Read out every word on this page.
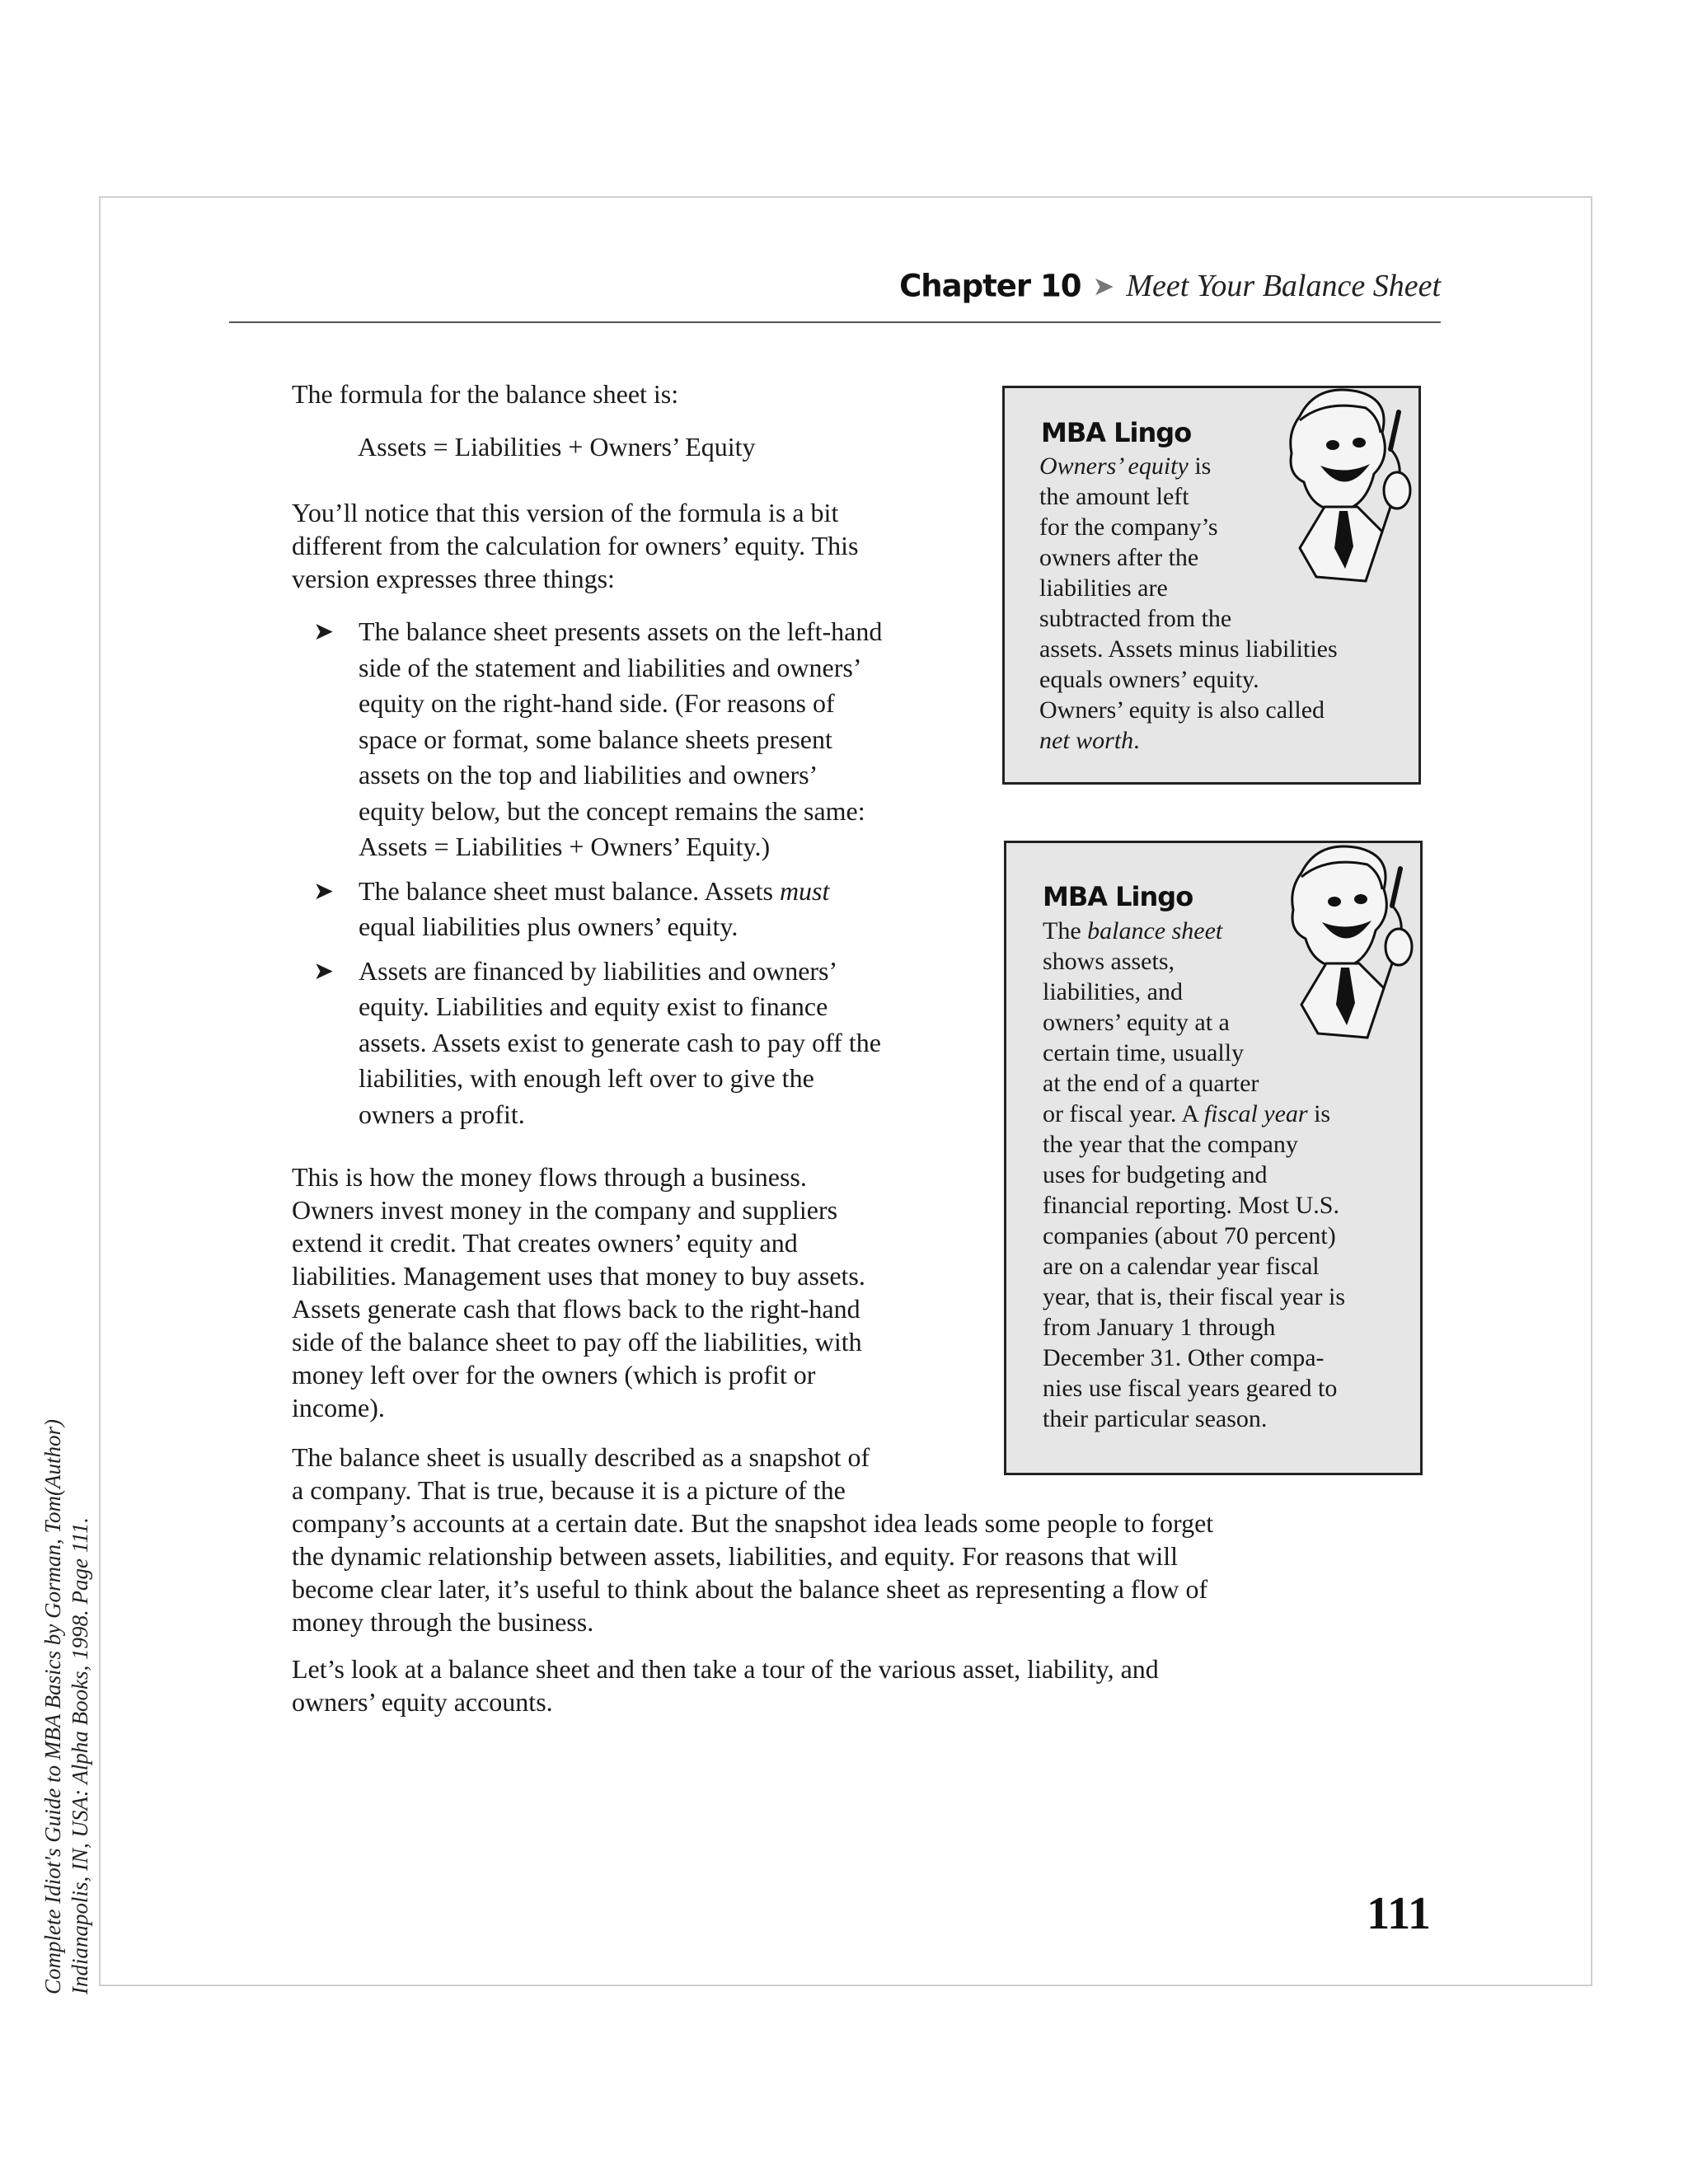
Complete Idiot's Guide to MBA Basics by Gorman, Tom(Author) Indianapolis, IN, USA: Alpha Books, 1998. Page 111.
Chapter 10 ➤ Meet Your Balance Sheet

The formula for the balance sheet is:

Assets = Liabilities + Owners’ Equity

You’ll notice that this version of the formula is a bit

different from the calculation for owners’ equity. This

version expresses three things:

➤ The balance sheet presents assets on the left-hand
side of the statement and liabilities and owners’
equity on the right-hand side. (For reasons of
space or format, some balance sheets present
assets on the top and liabilities and owners’
equity below, but the concept remains the same:
Assets = Liabilities + Owners’ Equity.)
➤ The balance sheet must balance. Assets must
equal liabilities plus owners’ equity.
➤ Assets are financed by liabilities and owners’
equity. Liabilities and equity exist to finance
assets. Assets exist to generate cash to pay off the
liabilities, with enough left over to give the
owners a profit.

This is how the money flows through a business.

Owners invest money in the company and suppliers

extend it credit. That creates owners’ equity and

liabilities. Management uses that money to buy assets.

Assets generate cash that flows back to the right-hand

side of the balance sheet to pay off the liabilities, with

money left over for the owners (which is profit or

income).

The balance sheet is usually described as a snapshot of

a company. That is true, because it is a picture of the

company’s accounts at a certain date. But the snapshot idea leads some people to forget

the dynamic relationship between assets, liabilities, and equity. For reasons that will

become clear later, it’s useful to think about the balance sheet as representing a flow of

money through the business.

Let’s look at a balance sheet and then take a tour of the various asset, liability, and

owners’ equity accounts.

MBA Lingo
Owners’ equity is
the amount left
for the company’s
owners after the
liabilities are
subtracted from the
assets. Assets minus liabilities
equals owners’ equity.
Owners’ equity is also called
net worth.
MBA Lingo
The balance sheet
shows assets,
liabilities, and
owners’ equity at a
certain time, usually
at the end of a quarter
or fiscal year. A fiscal year is
the year that the company
uses for budgeting and
financial reporting. Most U.S.
companies (about 70 percent)
are on a calendar year fiscal
year, that is, their fiscal year is
from January 1 through
December 31. Other compa-
nies use fiscal years geared to
their particular season.
111
